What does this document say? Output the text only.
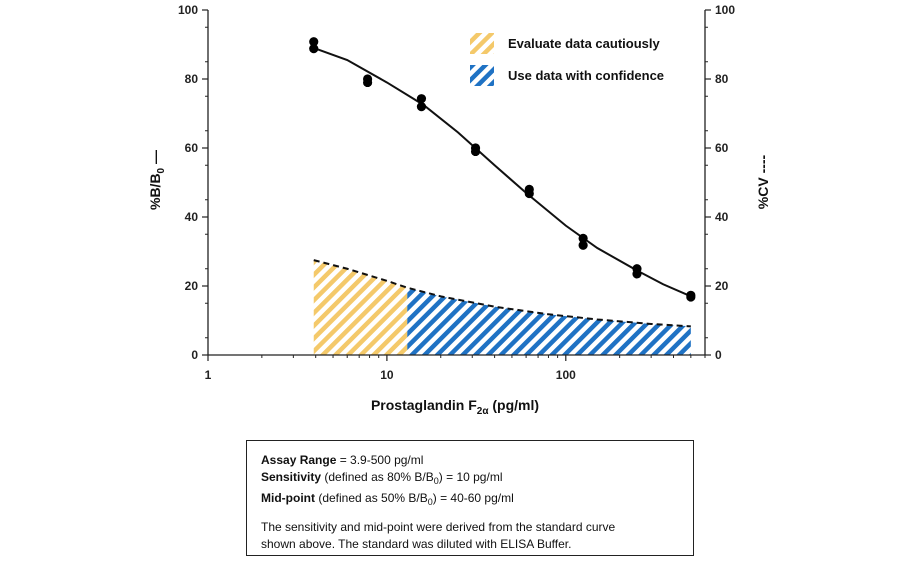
0	0
20	20
40	40
60	60
80	80
100	100
1	10	100
Prostaglandin $F_{2\alpha}$ (pg/ml)
$\%B/B_0$ —	%CV ----
Evaluate data cautiously
Use data with confidence
Assay Range = 3.9-500 pg/ml
Sensitivity (defined as 80% $B/B_0) = 10$ pg/ml
Mid-point (defined as 50% $B/B_0) = 40-60$ pg/ml
The sensitivity and mid-point were derived from the standard curve
shown above. The standard was diluted with ELISA Buffer.
